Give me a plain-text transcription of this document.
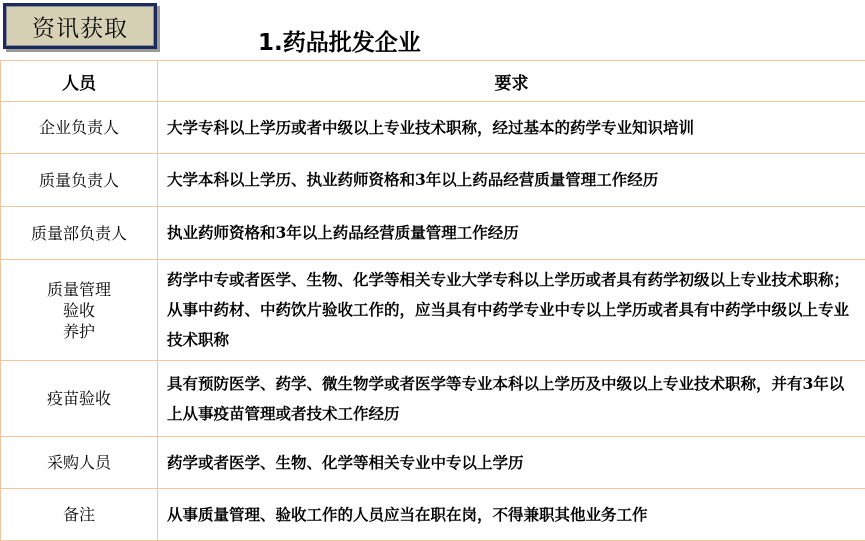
资讯获取
1.药品批发企业
人员	要求

企业负责人	大学专科以上学历或者中级以上专业技术职称，经过基本的药学专业知识培训

质量负责人	大学本科以上学历、执业药师资格和3年以上药品经营质量管理工作经历

质量部负责人	执业药师资格和3年以上药品经营质量管理工作经历

质量管理
验收
养护	药学中专或者医学、生物、化学等相关专业大学专科以上学历或者具有药学初级以上专业技术职称；从事中药材、中药饮片验收工作的，应当具有中药学专业中专以上学历或者具有中药学中级以上专业技术职称

疫苗验收	具有预防医学、药学、微生物学或者医学等专业本科以上学历及中级以上专业技术职称，并有3年以上从事疫苗管理或者技术工作经历

采购人员	药学或者医学、生物、化学等相关专业中专以上学历

备注	从事质量管理、验收工作的人员应当在职在岗，不得兼职其他业务工作
